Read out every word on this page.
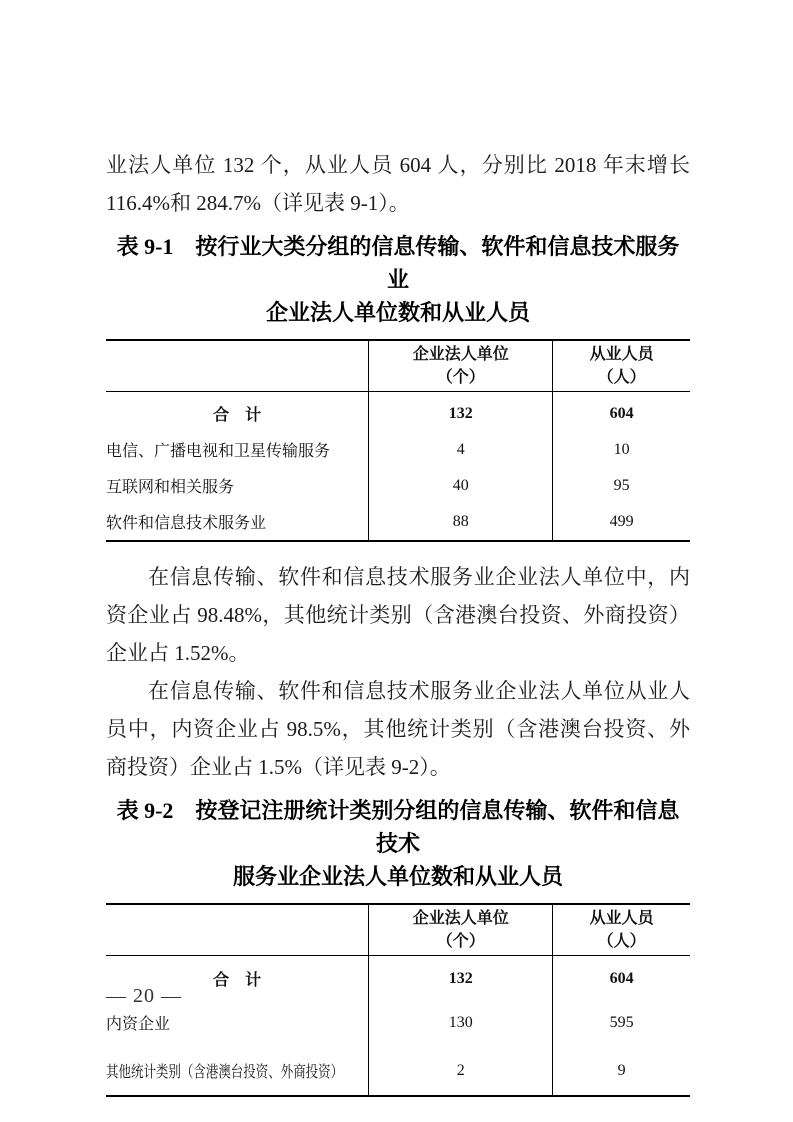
业法人单位 132 个，从业人员 604 人，分别比 2018 年末增长 116.4%和 284.7%（详见表 9-1）。

表 9-1　按行业大类分组的信息传输、软件和信息技术服务业
企业法人单位数和从业人员

企业法人单位
（个）

从业人员
（人）

合　计	132	604
电信、广播电视和卫星传输服务	4	10
互联网和相关服务	40	95
软件和信息技术服务业	88	499

在信息传输、软件和信息技术服务业企业法人单位中，内资企业占 98.48%，其他统计类别（含港澳台投资、外商投资）企业占 1.52%。

在信息传输、软件和信息技术服务业企业法人单位从业人员中，内资企业占 98.5%，其他统计类别（含港澳台投资、外商投资）企业占 1.5%（详见表 9-2）。

表 9-2　按登记注册统计类别分组的信息传输、软件和信息技术
服务业企业法人单位数和从业人员

企业法人单位
（个）

从业人员
（人）

合　计	132	604
内资企业	130	595
其他统计类别（含港澳台投资、外商投资）	2	9
— 20 —
